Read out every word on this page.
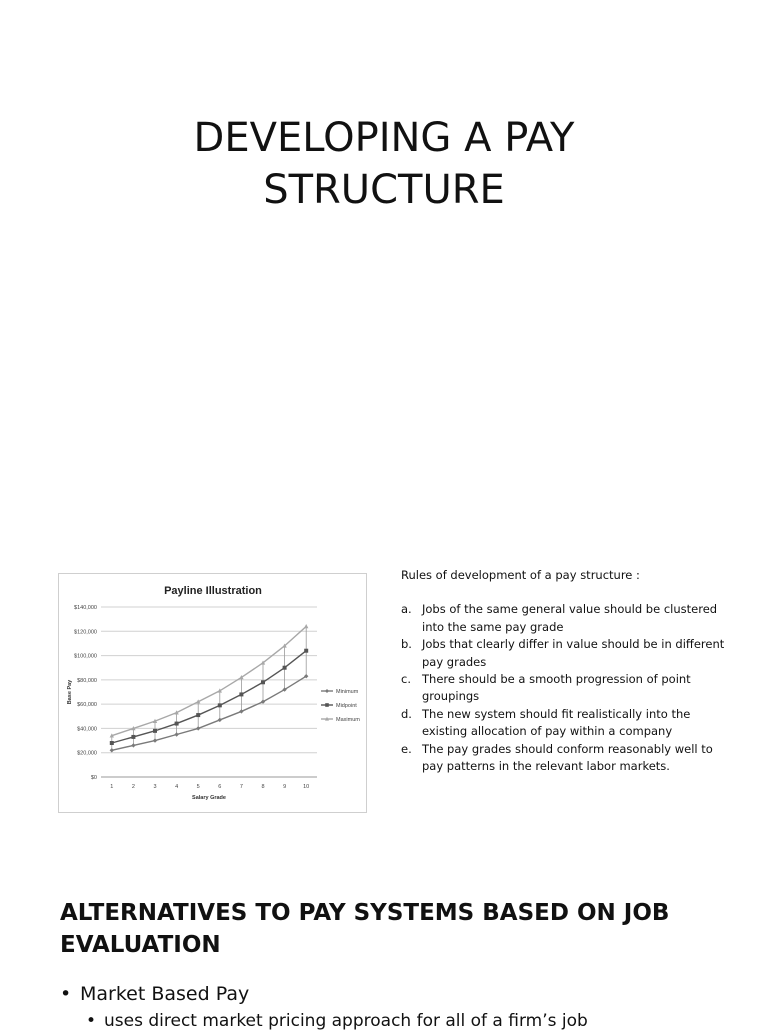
DEVELOPING A PAY
STRUCTURE
Payline Illustration
$0
$20,000
$40,000
$60,000
$80,000
$100,000
$120,000
$140,000
1	2	3	4	5	6	7	8	9	10
Salary Grade
Base Pay	Minimum
Midpoint
Maximum

Rules of development of a pay structure :

a. Jobs of the same general value should be clustered into the same pay grade
b. Jobs that clearly differ in value should be in different pay grades
c. There should be a smooth progression of point groupings
d. The new system should fit realistically into the existing allocation of pay within a company
e. The pay grades should conform reasonably well to pay patterns in the relevant labor markets.
ALTERNATIVES TO PAY SYSTEMS BASED ON JOB
EVALUATION
• Market Based Pay
• uses direct market pricing approach for all of a firm’s job
